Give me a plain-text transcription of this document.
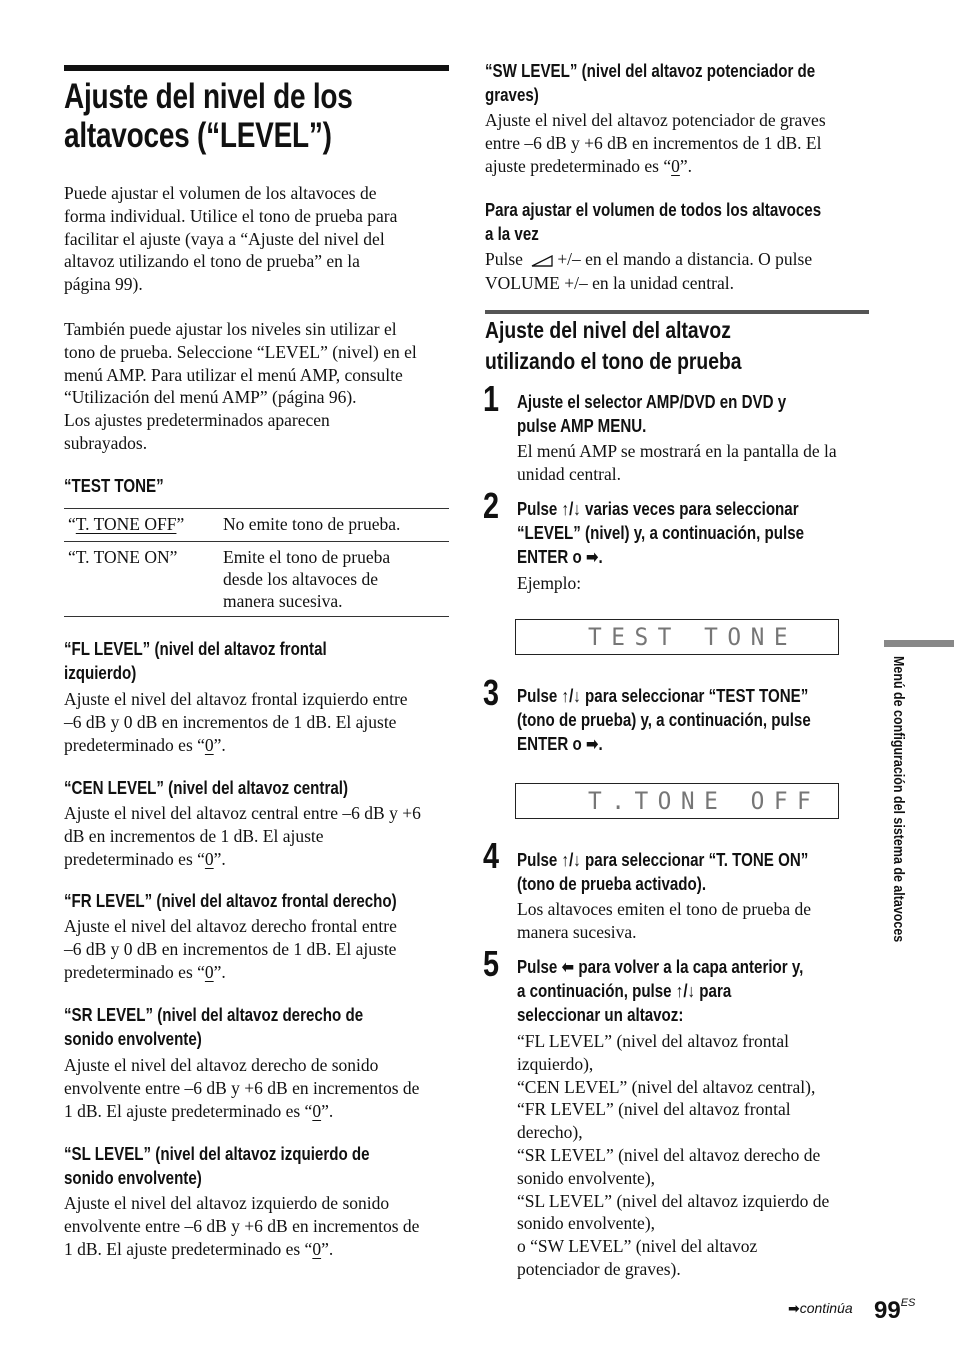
Ajuste del nivel de los
altavoces (“LEVEL”)
Puede ajustar el volumen de los altavoces de
forma individual. Utilice el tono de prueba para
facilitar el ajuste (vaya a “Ajuste del nivel del
altavoz utilizando el tono de prueba” en la
página 99).
También puede ajustar los niveles sin utilizar el
tono de prueba. Seleccione “LEVEL” (nivel) en el
menú AMP. Para utilizar el menú AMP, consulte
“Utilización del menú AMP” (página 96).
Los ajustes predeterminados aparecen
subrayados.
“TEST TONE”
“T. TONE OFF” No emite tono de prueba.
“T. TONE ON”	Emite el tono de prueba
desde los altavoces de
manera sucesiva.
“FL LEVEL” (nivel del altavoz frontal
izquierdo)
Ajuste el nivel del altavoz frontal izquierdo entre
–6 dB y 0 dB en incrementos de 1 dB. El ajuste
predeterminado es “0”.
“CEN LEVEL” (nivel del altavoz central)
Ajuste el nivel del altavoz central entre –6 dB y +6
dB en incrementos de 1 dB. El ajuste
predeterminado es “0”.
“FR LEVEL” (nivel del altavoz frontal derecho)
Ajuste el nivel del altavoz derecho frontal entre
–6 dB y 0 dB en incrementos de 1 dB. El ajuste
predeterminado es “0”.
“SR LEVEL” (nivel del altavoz derecho de
sonido envolvente)
Ajuste el nivel del altavoz derecho de sonido
envolvente entre –6 dB y +6 dB en incrementos de
1 dB. El ajuste predeterminado es “0”.
“SL LEVEL” (nivel del altavoz izquierdo de
sonido envolvente)
Ajuste el nivel del altavoz izquierdo de sonido
envolvente entre –6 dB y +6 dB en incrementos de
1 dB. El ajuste predeterminado es “0”.
“SW LEVEL” (nivel del altavoz potenciador de
graves)
Ajuste el nivel del altavoz potenciador de graves
entre –6 dB y +6 dB en incrementos de 1 dB. El
ajuste predeterminado es “0”.
Para ajustar el volumen de todos los altavoces
a la vez
Pulse +/– en el mando a distancia. O pulse
VOLUME +/– en la unidad central.
Ajuste del nivel del altavoz
utilizando el tono de prueba
1 Ajuste el selector AMP/DVD en DVD y
pulse AMP MENU.
El menú AMP se mostrará en la pantalla de la
unidad central.
2 Pulse ↑/↓ varias veces para seleccionar
“LEVEL” (nivel) y, a continuación, pulse
ENTER o ➡.
Ejemplo:
TEST TONE
3 Pulse ↑/↓ para seleccionar “TEST TONE”
(tono de prueba) y, a continuación, pulse
ENTER o ➡.
T.TONE OFF
4 Pulse ↑/↓ para seleccionar “T. TONE ON”
(tono de prueba activado).
Los altavoces emiten el tono de prueba de
manera sucesiva.
5 Pulse ⬅ para volver a la capa anterior y,
a continuación, pulse ↑/↓ para
seleccionar un altavoz:
“FL LEVEL” (nivel del altavoz frontal
izquierdo),
“CEN LEVEL” (nivel del altavoz central),
“FR LEVEL” (nivel del altavoz frontal
derecho),
“SR LEVEL” (nivel del altavoz derecho de
sonido envolvente),
“SL LEVEL” (nivel del altavoz izquierdo de
sonido envolvente),
o “SW LEVEL” (nivel del altavoz
potenciador de graves).
Menú de configuración del sistema de altavoces
➡continúa $99^{ES}$
